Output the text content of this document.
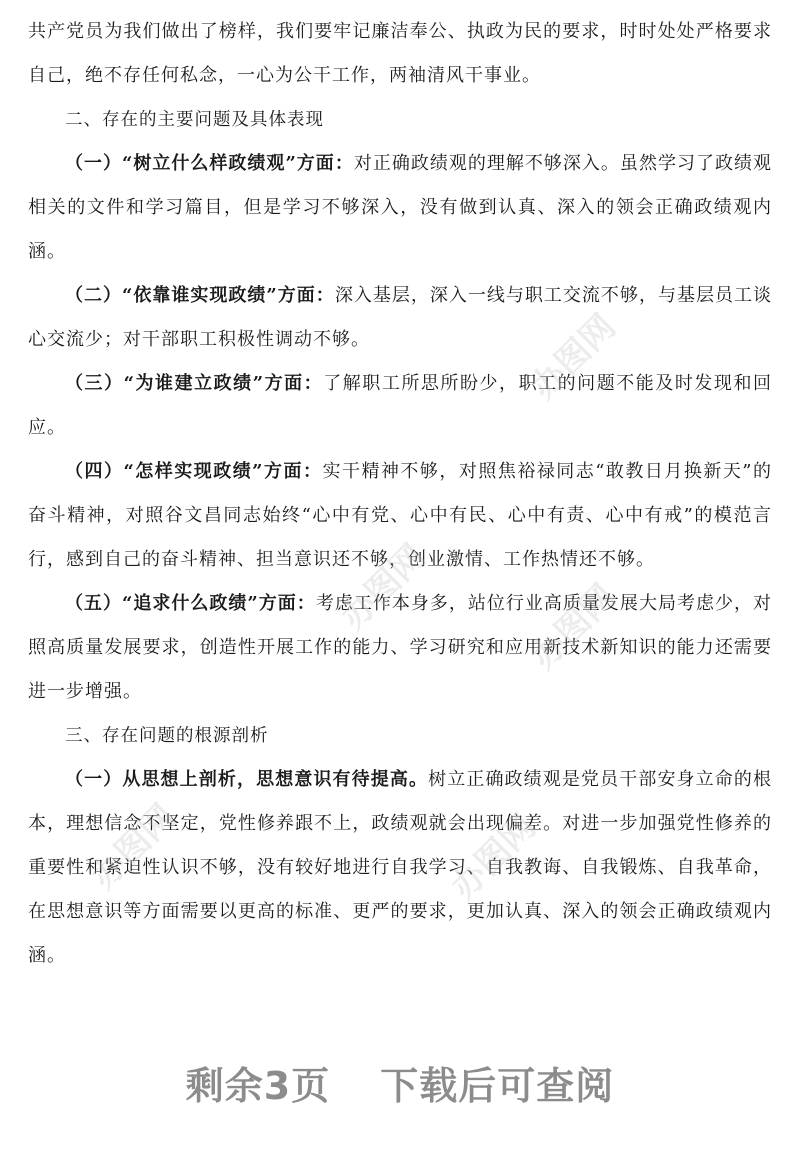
共产党员为我们做出了榜样，我们要牢记廉洁奉公、执政为民的要求，时时处处严格要求自己，绝不存任何私念，一心为公干工作，两袖清风干事业。

二、存在的主要问题及具体表现

（一）“树立什么样政绩观”方面：对正确政绩观的理解不够深入。虽然学习了政绩观相关的文件和学习篇目，但是学习不够深入，没有做到认真、深入的领会正确政绩观内涵。

（二）“依靠谁实现政绩”方面：深入基层，深入一线与职工交流不够，与基层员工谈心交流少；对干部职工积极性调动不够。

（三）“为谁建立政绩”方面：了解职工所思所盼少，职工的问题不能及时发现和回应。

（四）“怎样实现政绩”方面：实干精神不够，对照焦裕禄同志“敢教日月换新天”的奋斗精神，对照谷文昌同志始终“心中有党、心中有民、心中有责、心中有戒”的模范言行，感到自己的奋斗精神、担当意识还不够，创业激情、工作热情还不够。

（五）“追求什么政绩”方面：考虑工作本身多，站位行业高质量发展大局考虑少，对照高质量发展要求，创造性开展工作的能力、学习研究和应用新技术新知识的能力还需要进一步增强。

三、存在问题的根源剖析

（一）从思想上剖析，思想意识有待提高。树立正确政绩观是党员干部安身立命的根本，理想信念不坚定，党性修养跟不上，政绩观就会出现偏差。对进一步加强党性修养的重要性和紧迫性认识不够，没有较好地进行自我学习、自我教诲、自我锻炼、自我革命，在思想意识等方面需要以更高的标准、更严的要求，更加认真、深入的领会正确政绩观内涵。

办图网
办图网	办图网
办图网	办图网
剩余3页 下载后可查阅
